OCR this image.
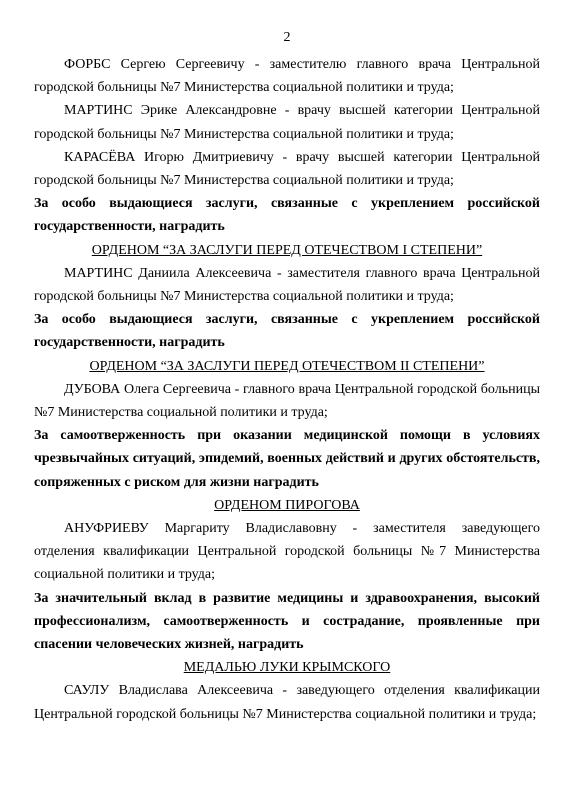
2

ФОРБС Сергею Сергеевичу - заместителю главного врача Центральной городской больницы №7 Министерства социальной политики и труда;

МАРТИНС Эрике Александровне - врачу высшей категории Центральной городской больницы №7 Министерства социальной политики и труда;

КАРАСЁВА Игорю Дмитриевичу - врачу высшей категории Центральной городской больницы №7 Министерства социальной политики и труда;

За особо выдающиеся заслуги, связанные с укреплением российской государственности, наградить

ОРДЕНОМ “ЗА ЗАСЛУГИ ПЕРЕД ОТЕЧЕСТВОМ I СТЕПЕНИ”

МАРТИНС Даниила Алексеевича - заместителя главного врача Центральной городской больницы №7 Министерства социальной политики и труда;

За особо выдающиеся заслуги, связанные с укреплением российской государственности, наградить

ОРДЕНОМ “ЗА ЗАСЛУГИ ПЕРЕД ОТЕЧЕСТВОМ II СТЕПЕНИ”

ДУБОВА Олега Сергеевича - главного врача Центральной городской больницы №7 Министерства социальной политики и труда;

За самоотверженность при оказании медицинской помощи в условиях чрезвычайных ситуаций, эпидемий, военных действий и других обстоятельств, сопряженных с риском для жизни наградить

ОРДЕНОМ ПИРОГОВА

АНУФРИЕВУ Маргариту Владиславовну - заместителя заведующего отделения квалификации Центральной городской больницы №7 Министерства социальной политики и труда;

За значительный вклад в развитие медицины и здравоохранения, высокий профессионализм, самоотверженность и сострадание, проявленные при спасении человеческих жизней, наградить

МЕДАЛЬЮ ЛУКИ КРЫМСКОГО

САУЛУ Владислава Алексеевича - заведующего отделения квалификации Центральной городской больницы №7 Министерства социальной политики и труда;
